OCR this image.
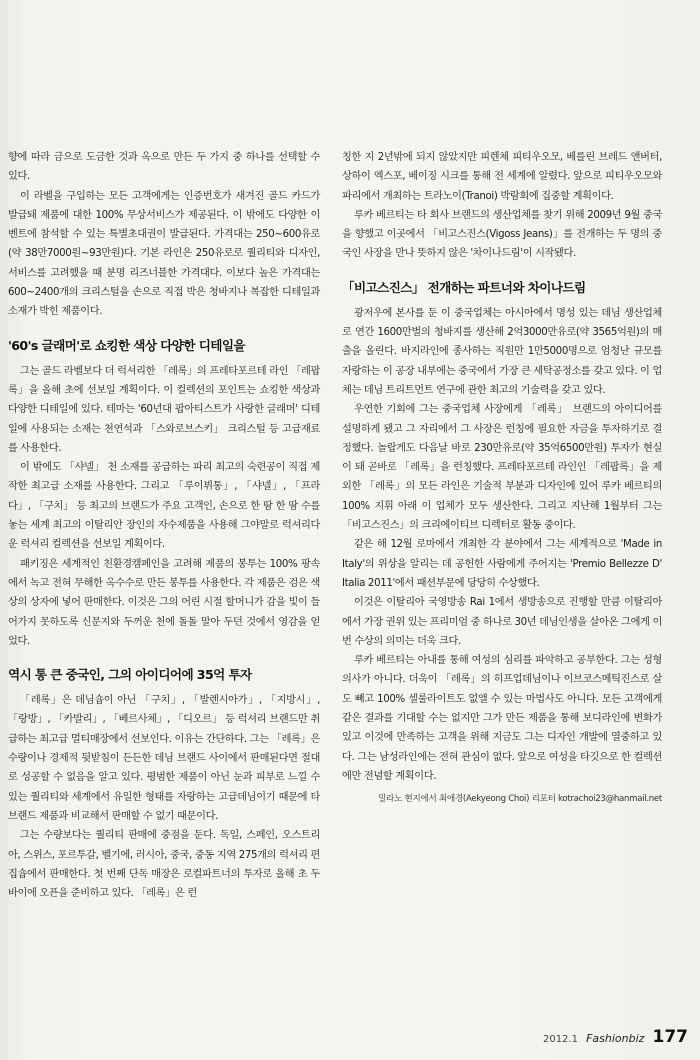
향에 따라 금으로 도금한 것과 옥으로 만든 두 가지 중 하나를 선택할 수 있다.

이 라벨을 구입하는 모든 고객에게는 인증번호가 새겨진 골드 카드가 발급돼 제품에 대한 100% 무상서비스가 제공된다. 이 밖에도 다양한 이벤트에 참석할 수 있는 특별초대권이 발급된다. 가격대는 250~600유로(약 38만7000원~93만원)다. 기본 라인은 250유로로 퀄리티와 디자인, 서비스를 고려했을 때 분명 리즈너블한 가격대다. 이보다 높은 가격대는 600~2400개의 크리스털을 손으로 직접 박은 청바지나 복잡한 디테일과 소재가 박힌 제품이다.

'60's 글래머'로 쇼킹한 색상 다양한 디테일을

그는 골드 라벨보다 더 럭셔리한 「레록」의 프레타포르테 라인 「레팝록」을 올해 초에 선보일 계획이다. 이 컬렉션의 포인트는 쇼킹한 색상과 다양한 디테일에 있다. 테마는 '60년대 팝아티스트가 사랑한 글래머' 디테일에 사용되는 소재는 천연석과 「스와로브스키」 크리스털 등 고급재료를 사용한다.

이 밖에도 「샤넬」 천 소재를 공급하는 파리 최고의 숙련공이 직접 제작한 최고급 소재를 사용한다. 그리고 「루이뷔통」, 「샤넬」, 「프라다」, 「구치」 등 최고의 브랜드가 주요 고객인, 손으로 한 땀 한 땀 수를 놓는 세계 최고의 이탈리안 장인의 자수제품을 사용해 그야말로 럭셔리다운 럭셔리 컬렉션을 선보일 계획이다.

패키징은 세계적인 친환경캠페인을 고려해 제품의 봉투는 100% 팡속에서 녹고 전혀 무해한 옥수수로 만든 봉투를 사용한다. 각 제품은 검은 색상의 상자에 넣어 판매한다. 이것은 그의 어린 시절 할머니가 감을 빛이 들어가지 못하도록 신문지와 두꺼운 천에 돌돌 말아 두던 것에서 영감을 얻었다.

역시 통 큰 중국인, 그의 아이디어에 35억 투자

「레록」은 데님숍이 아닌 「구치」, 「발렌시아가」, 「지방시」, 「랑방」, 「카발리」, 「베르사체」, 「디오르」 등 럭셔리 브랜드만 취급하는 최고급 멀티매장에서 선보인다. 이유는 간단하다. 그는 「레록」은 수량이나 경제적 뒷받침이 든든한 데님 브랜드 사이에서 판매된다면 절대로 성공할 수 없음을 알고 있다. 평범한 제품이 아닌 눈과 피부로 느낄 수 있는 퀄리티와 세계에서 유일한 형태를 자랑하는 고급데님이기 때문에 타 브랜드 제품과 비교해서 판매할 수 없기 때문이다.

그는 수량보다는 퀄리티 판매에 중점을 둔다. 독일, 스페인, 오스트리아, 스위스, 포르투갈, 벨기에, 러시아, 중국, 중동 지역 275개의 럭셔리 편집숍에서 판매한다. 첫 번째 단독 매장은 로컬파트너의 투자로 올해 초 두바이에 오픈을 준비하고 있다. 「레록」은 런

칭한 지 2년밖에 되지 않았지만 피렌체 피티우오모, 베를린 브레드 앤버터, 상하이 엑스포, 베이징 시크를 통해 전 세계에 알렸다. 앞으로 피티우오모와 파리에서 개최하는 트라노이(Tranoi) 박람회에 집중할 계획이다.

루카 베르티는 타 회사 브랜드의 생산업체를 찾기 위해 2009년 9월 중국을 향했고 이곳에서 「비고스진스(Vigoss Jeans)」를 전개하는 두 명의 중국인 사장을 만나 뜻하지 않은 '차이나드림'이 시작됐다.

「비고스진스」 전개하는 파트너와 차이나드림

광저우에 본사를 둔 이 중국업체는 아시아에서 명성 있는 데님 생산업체로 연간 1600만벌의 청바지를 생산해 2억3000만유로(약 3565억원)의 매출을 올린다. 바지라인에 종사하는 직원만 1만5000명으로 엄청난 규모를 자랑하는 이 공장 내부에는 중국에서 가장 큰 세탁공정소를 갖고 있다. 이 업체는 데님 트리트먼트 연구에 관한 최고의 기술력을 갖고 있다.

우연한 기회에 그는 중국업체 사장에게 「레록」 브랜드의 아이디어를 설명하게 됐고 그 자리에서 그 사장은 런칭에 필요한 자금을 투자하기로 결정했다. 놀랍게도 다음날 바로 230만유로(약 35억6500만원) 투자가 현실이 돼 곧바로 「레록」을 런칭했다. 프레타포르테 라인인 「레팝록」을 제외한 「레록」의 모든 라인은 기술적 부분과 디자인에 있어 루카 베르티의 100% 지휘 아래 이 업체가 모두 생산한다. 그리고 지난해 1월부터 그는 「비고스진스」의 크리에이티브 디렉터로 활동 중이다.

같은 해 12월 로마에서 개최한 각 분야에서 그는 세계적으로 'Made in Italy'의 위상을 알리는 데 공헌한 사람에게 주어지는 'Premio Bellezze D' Italia 2011'에서 패션부문에 당당히 수상했다.

이것은 이탈리아 국영방송 Rai 1에서 생방송으로 진행할 만큼 이탈리아에서 가장 권위 있는 프리미엄 중 하나로 30년 데님인생을 살아온 그에게 이번 수상의 의미는 더욱 크다.

루카 베르티는 아내를 통해 여성의 심리를 파악하고 공부한다. 그는 성형의사가 아니다. 더욱이 「레록」의 히프업데님이나 이브코스메틱진스로 살도 빼고 100% 셀룰라이트도 없앨 수 있는 마법사도 아니다. 모든 고객에게 같은 결과를 기대할 수는 없지만 그가 만든 제품을 통해 보디라인에 변화가 있고 이것에 만족하는 고객을 위해 지금도 그는 디자인 개발에 열중하고 있다. 그는 남성라인에는 전혀 관심이 없다. 앞으로 여성을 타깃으로 한 컬렉션에만 전념할 계획이다.

밀라노 현지에서 최애경(Aekyeong Choi) 리포터 kotrachoi23@hanmail.net
2012.1 Fashionbiz 177
